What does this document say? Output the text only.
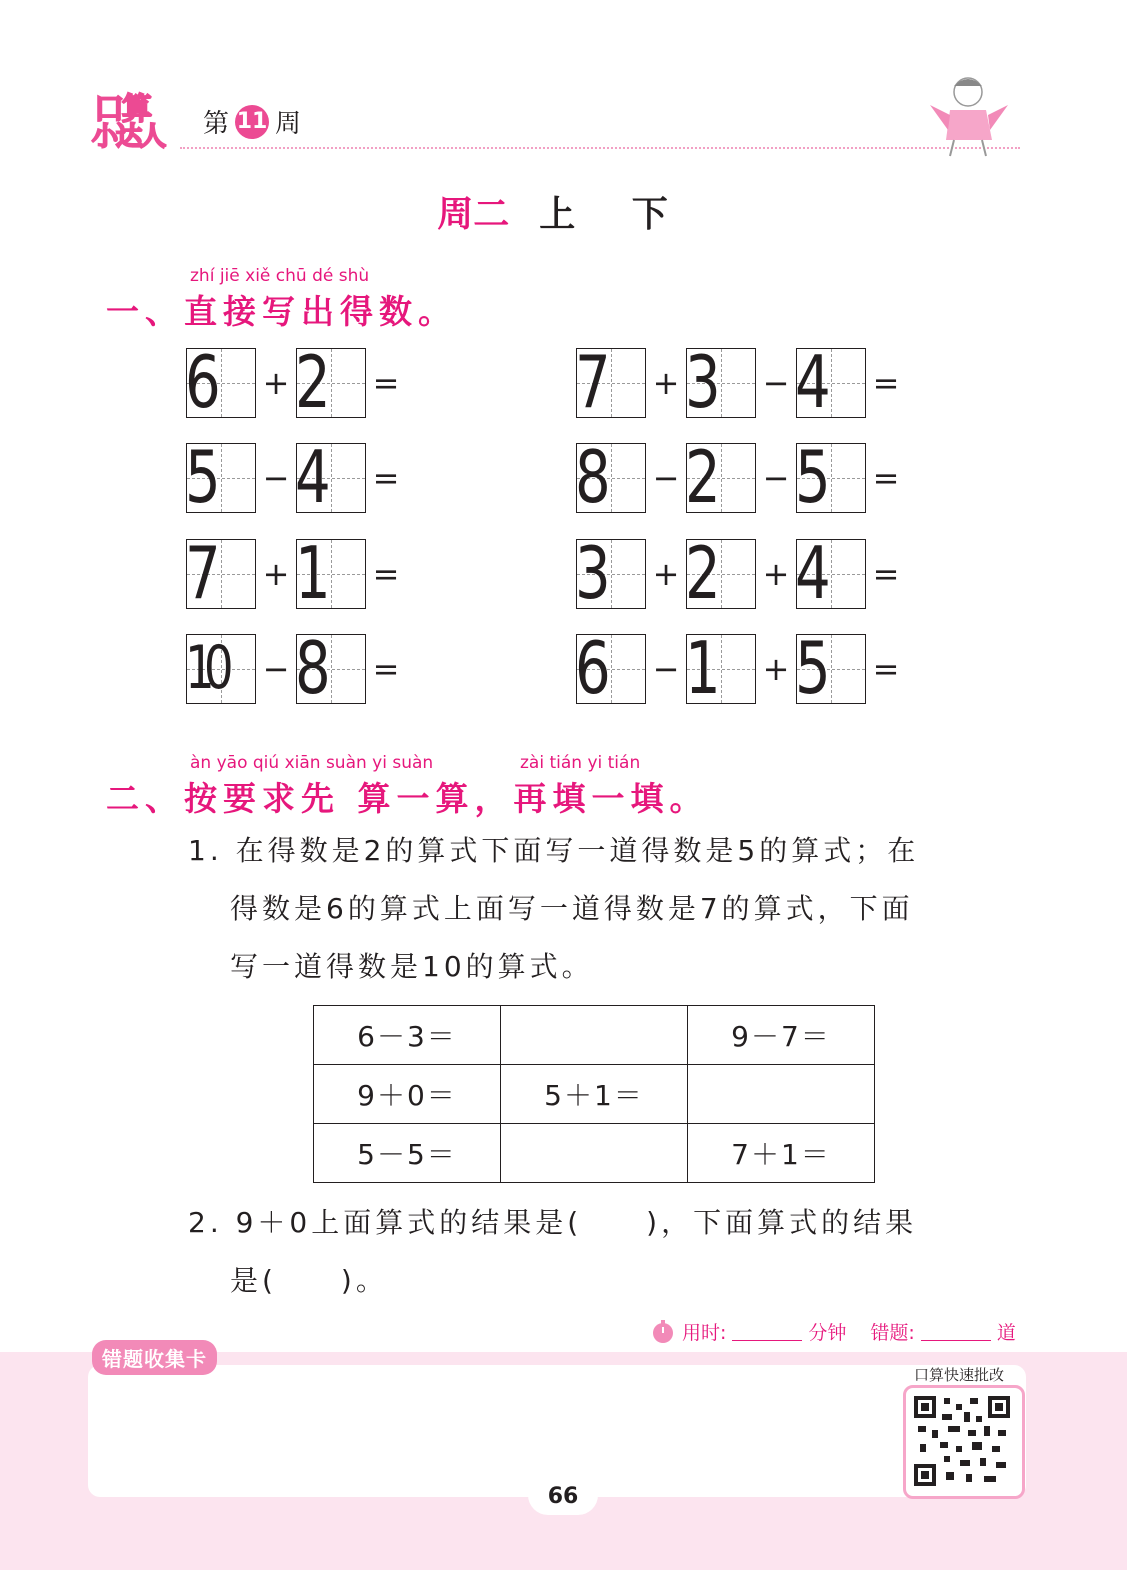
口算
小达人 第 11 周
周二 上 下
zhí jiē xiě chū dé shù
一、直接写出得数。
6	+ 2	=
5	− 4	=
7	+ 1	=
10	− 8	=
7	+ 3	− 4	=
8	− 2	− 5	=
3	+ 2	+ 4	=
6	− 1	+ 5	=
àn yāo qiú xiān suàn yi suàn	zài tián yi tián
二、按要求先 算一算，再填一填。
1. 在得数是2的算式下面写一道得数是5的算式；在
得数是6的算式上面写一道得数是7的算式，下面
写一道得数是10的算式。
6－3＝		9－7＝
9＋0＝	5＋1＝	
5－5＝		7＋1＝
2. 9＋0上面算式的结果是(　　)，下面算式的结果
是(　　)。
用时:	分钟 错题:	道
错题收集卡
口算快速批改
66
